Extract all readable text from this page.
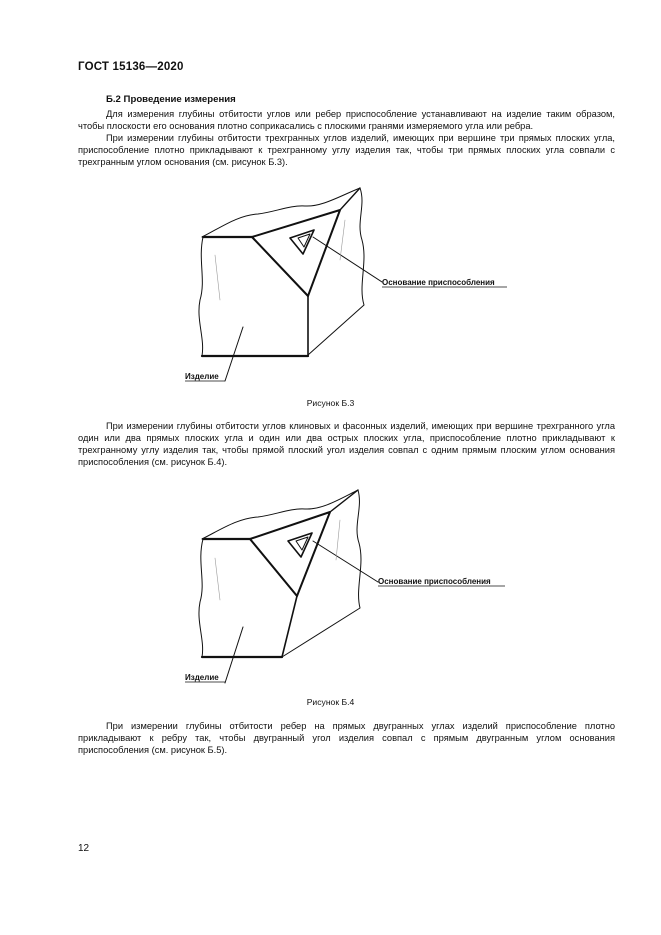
ГОСТ 15136—2020
Б.2 Проведение измерения

Для измерения глубины отбитости углов или ребер приспособление устанавливают на изделие таким образом, чтобы плоскости его основания плотно соприкасались с плоскими гранями измеряемого угла или ребра.

При измерении глубины отбитости трехгранных углов изделий, имеющих при вершине три прямых плоских угла, приспособление плотно прикладывают к трехгранному углу изделия так, чтобы три прямых плоских угла совпали с трехгранным углом основания (см. рисунок Б.3).

Основание приспособления
Изделие
Рисунок Б.3

При измерении глубины отбитости углов клиновых и фасонных изделий, имеющих при вершине трехгранного угла один или два прямых плоских угла и один или два острых плоских угла, приспособление плотно прикладывают к трехгранному углу изделия так, чтобы прямой плоский угол изделия совпал с одним прямым плоским углом основания приспособления (см. рисунок Б.4).

Основание приспособления
Изделие
Рисунок Б.4

При измерении глубины отбитости ребер на прямых двугранных углах изделий приспособление плотно прикладывают к ребру так, чтобы двугранный угол изделия совпал с прямым двугранным углом основания приспособления (см. рисунок Б.5).

12
